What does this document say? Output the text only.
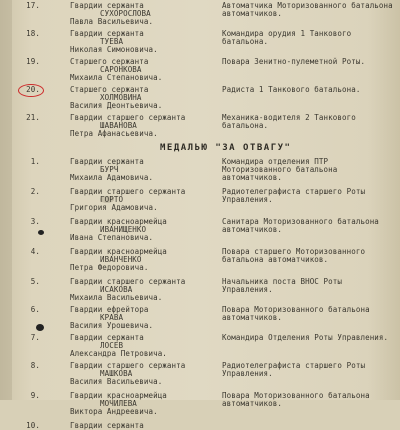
17.	Гвардии сержанта
СУХОРОСЛОВА
Павла Васильевича.
Автоматчика Моторизованного батальона автоматчиков.
18.	Гвардии сержанта
ТУЕВА
Николая Симоновича.
Командира орудия 1 Танкового батальона.
19.	Старшего сержанта
САРОНКОВА
Михаила Степановича.
Повара Зенитно-пулеметной Роты.
20.	Старшего сержанта
ХОЛМОВИНА
Василия Деонтьевича.
Радиста 1 Танкового батальона.
21.	Гвардии старшего сержанта
ШАВАНОВА
Петра Афанасьевича.
Механика-водителя 2 Танкового батальона.
МЕДАЛЬЮ "ЗА ОТВАГУ"
1.	Гвардии сержанта
БУРЧ
Михаила Адамовича.
Командира отделения ПТР Моторизованного батальона автоматчиков.
2.	Гвардии старшего сержанта
ГОРТО
Григория Адамовича.
Радиотелеграфиста старшего Роты Управления.
3.	Гвардии красноармейца
ИВАНИЩЕНКО
Ивана Степановича.
Санитара Моторизованного батальона автоматчиков.
4.	Гвардии красноармейца
ИВАНЧЕНКО
Петра Федоровича.
Повара старшего Моторизованного батальона автоматчиков.
5.	Гвардии старшего сержанта
ИСАКОВА
Михаила Васильевича.
Начальника поста ВНОС Роты Управления.
6.	Гвардии ефрейтора
КРАВА
Василия Урошевича.
Повара Моторизованного батальона автоматчиков.
7.	Гвардии сержанта
ЛОСЕВ
Александра Петровича.
Командира Отделения Роты Управления.
8.	Гвардии старшего сержанта
МАШКОВА
Василия Васильевича.
Радиотелеграфиста старшего Роты Управления.
9.	Гвардии красноармейца
МОЧИЛЕВА
Виктора Андреевича.
Повара Моторизованного батальона автоматчиков.
10.	Гвардии сержанта
